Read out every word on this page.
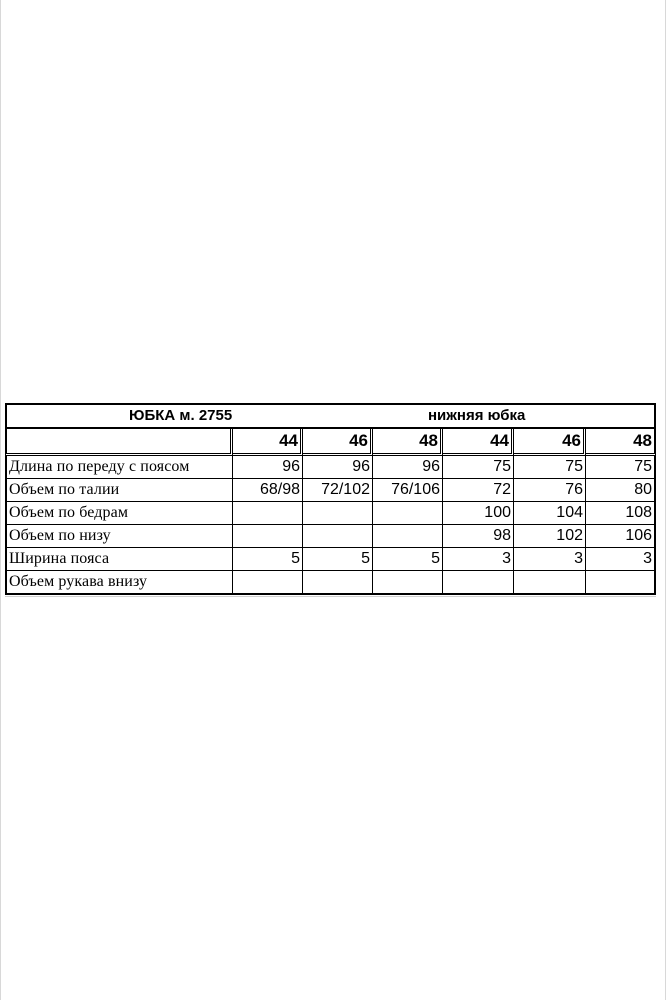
ЮБКА м. 2755			нижняя юбка			
	44	46	48	44	46	48
Длина по переду с поясом	96	96	96	75	75	75
Объем по талии	68/98	72/102	76/106	72	76	80
Объем по бедрам				100	104	108
Объем по низу				98	102	106
Ширина пояса	5	5	5	3	3	3
Объем рукава внизу						
